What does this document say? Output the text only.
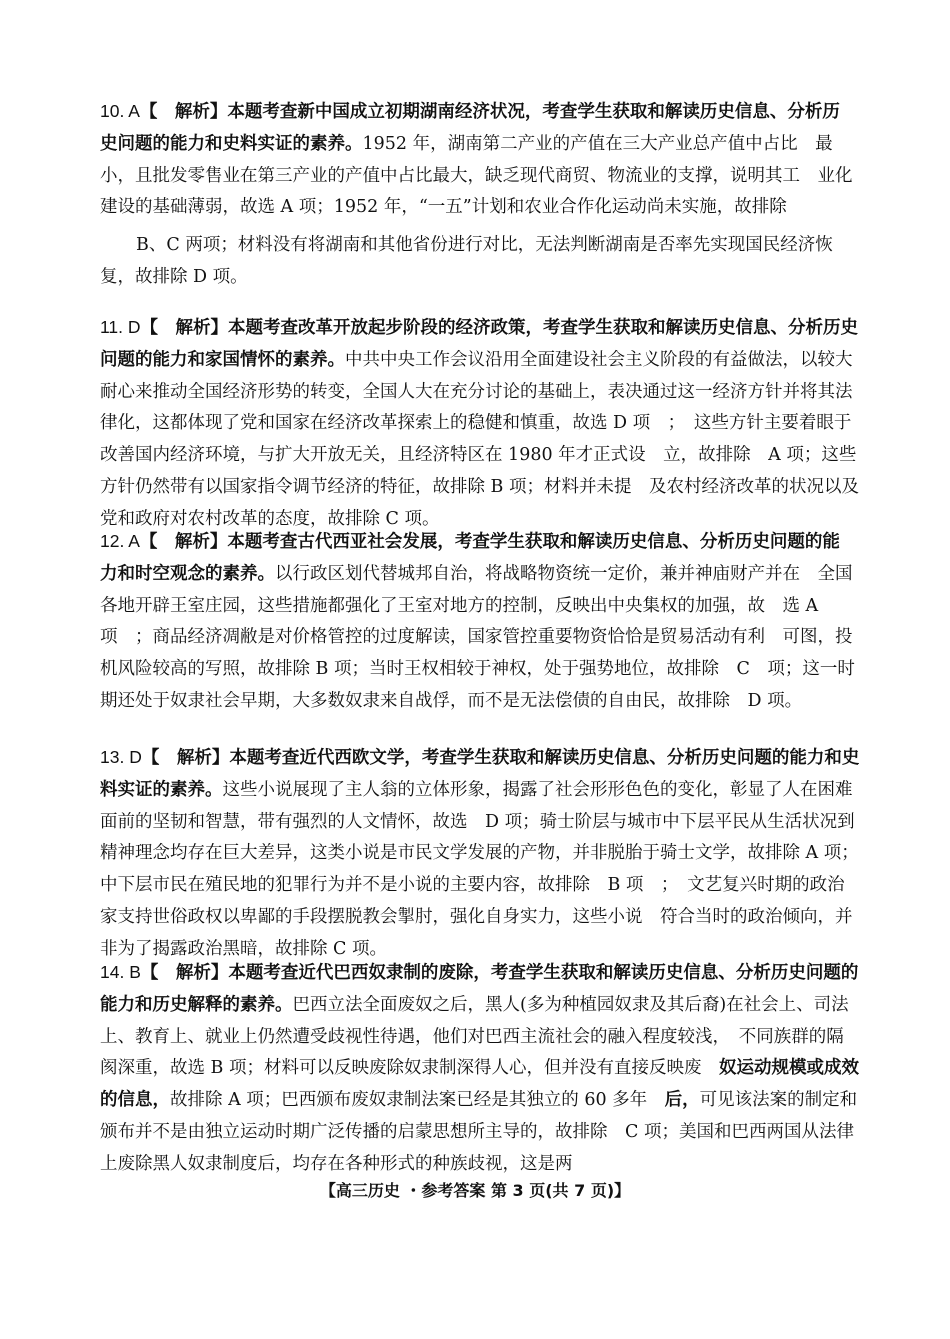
10. A【　解析】本题考查新中国成立初期湖南经济状况，考查学生获取和解读历史信息、分析历　史问题的能力和史料实证的素养。1952 年，湖南第二产业的产值在三大产业总产值中占比　最小，且批发零售业在第三产业的产值中占比最大，缺乏现代商贸、物流业的支撑，说明其工　业化建设的基础薄弱，故选 A 项；1952 年，“一五”计划和农业合作化运动尚未实施，故排除

B、C 两项；材料没有将湖南和其他省份进行对比，无法判断湖南是否率先实现国民经济恢　复，故排除 D 项。

11. D【　解析】本题考查改革开放起步阶段的经济政策，考查学生获取和解读历史信息、分析历史问题的能力和家国情怀的素养。中共中央工作会议沿用全面建设社会主义阶段的有益做法，以较大耐心来推动全国经济形势的转变，全国人大在充分讨论的基础上，表决通过这一经济方针并将其法律化，这都体现了党和国家在经济改革探索上的稳健和慎重，故选 D 项　；　这些方针主要着眼于改善国内经济环境，与扩大开放无关，且经济特区在 1980 年才正式设　立，故排除　A 项；这些方针仍然带有以国家指令调节经济的特征，故排除 B 项；材料并未提　及农村经济改革的状况以及党和政府对农村改革的态度，故排除 C 项。

12. A【　解析】本题考查古代西亚社会发展，考查学生获取和解读历史信息、分析历史问题的能　力和时空观念的素养。以行政区划代替城邦自治，将战略物资统一定价，兼并神庙财产并在　全国各地开辟王室庄园，这些措施都强化了王室对地方的控制，反映出中央集权的加强，故　选 A 项　；商品经济凋敝是对价格管控的过度解读，国家管控重要物资恰恰是贸易活动有利　可图，投机风险较高的写照，故排除 B 项；当时王权相较于神权，处于强势地位，故排除　C　项；这一时期还处于奴隶社会早期，大多数奴隶来自战俘，而不是无法偿债的自由民，故排除　D 项。

13. D【　解析】本题考查近代西欧文学，考查学生获取和解读历史信息、分析历史问题的能力和史料实证的素养。这些小说展现了主人翁的立体形象，揭露了社会形形色色的变化，彰显了人在困难面前的坚韧和智慧，带有强烈的人文情怀，故选　D 项；骑士阶层与城市中下层平民从生活状况到精神理念均存在巨大差异，这类小说是市民文学发展的产物，并非脱胎于骑士文学，故排除 A 项；中下层市民在殖民地的犯罪行为并不是小说的主要内容，故排除　B 项　；　文艺复兴时期的政治家支持世俗政权以卑鄙的手段摆脱教会掣肘，强化自身实力，这些小说　符合当时的政治倾向，并非为了揭露政治黑暗，故排除 C 项。

14. B【　解析】本题考查近代巴西奴隶制的废除，考查学生获取和解读历史信息、分析历史问题的能力和历史解释的素养。巴西立法全面废奴之后，黑人(多为种植园奴隶及其后裔)在社会上、司法上、教育上、就业上仍然遭受歧视性待遇，他们对巴西主流社会的融入程度较浅，　不同族群的隔阂深重，故选 B 项；材料可以反映废除奴隶制深得人心，但并没有直接反映废　奴运动规模或成效的信息，故排除 A 项；巴西颁布废奴隶制法案已经是其独立的 60 多年　后，可见该法案的制定和颁布并不是由独立运动时期广泛传播的启蒙思想所主导的，故排除　C 项；美国和巴西两国从法律上废除黑人奴隶制度后，均存在各种形式的种族歧视，这是两

【高三历史 ・参考答案 第 3 页(共 7 页)】
